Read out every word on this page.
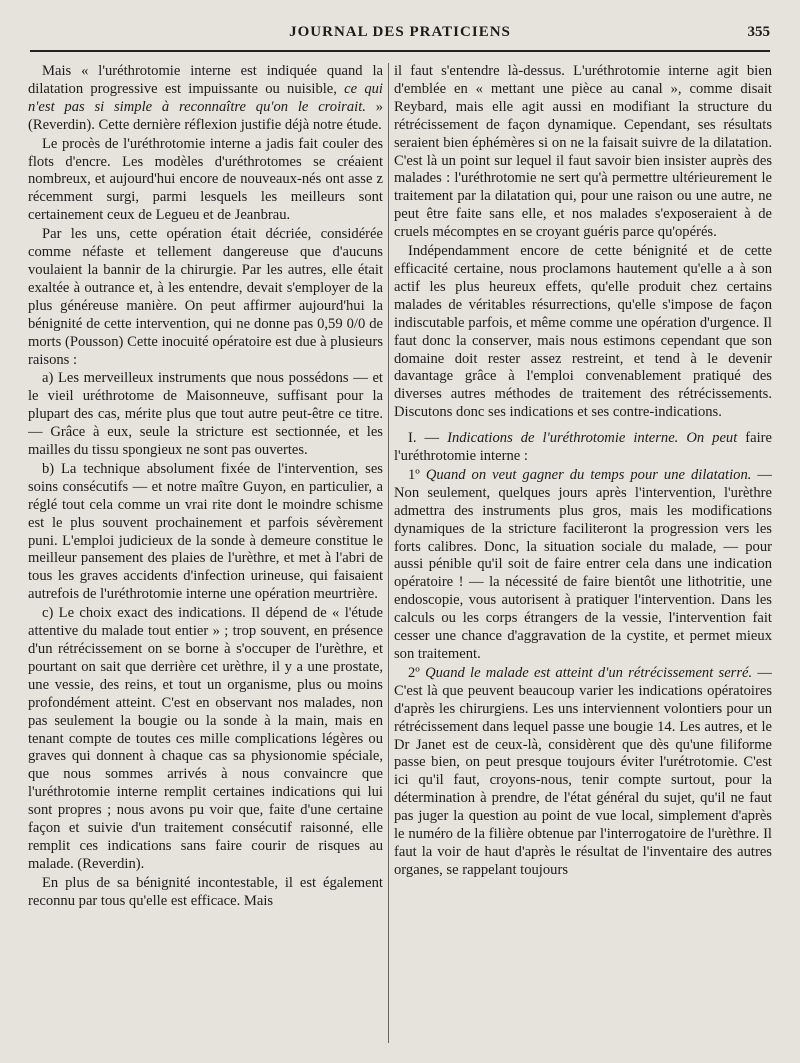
JOURNAL DES PRATICIENS	355

Mais « l'uréthrotomie interne est indiquée quand la dilatation progressive est impuissante ou nuisible, ce qui n'est pas si simple à reconnaître qu'on le croirait. » (Reverdin). Cette dernière réflexion justifie déjà notre étude.

Le procès de l'uréthrotomie interne a jadis fait couler des flots d'encre. Les modèles d'uréthrotomes se créaient nombreux, et aujourd'hui encore de nouveaux-nés ont asse z récemment surgi, parmi lesquels les meilleurs sont certainement ceux de Legueu et de Jeanbrau.

Par les uns, cette opération était décriée, considérée comme néfaste et tellement dangereuse que d'aucuns voulaient la bannir de la chirurgie. Par les autres, elle était exaltée à outrance et, à les entendre, devait s'employer de la plus généreuse manière. On peut affirmer aujourd'hui la bénignité de cette intervention, qui ne donne pas 0,59 0/0 de morts (Pousson) Cette inocuité opératoire est due à plusieurs raisons :

a) Les merveilleux instruments que nous possédons — et le vieil uréthrotome de Maisonneuve, suffisant pour la plupart des cas, mérite plus que tout autre peut-être ce titre. — Grâce à eux, seule la stricture est sectionnée, et les mailles du tissu spongieux ne sont pas ouvertes.

b) La technique absolument fixée de l'intervention, ses soins consécutifs — et notre maître Guyon, en particulier, a réglé tout cela comme un vrai rite dont le moindre schisme est le plus souvent prochainement et parfois sévèrement puni. L'emploi judicieux de la sonde à demeure constitue le meilleur pansement des plaies de l'urèthre, et met à l'abri de tous les graves accidents d'infection urineuse, qui faisaient autrefois de l'uréthrotomie interne une opération meurtrière.

c) Le choix exact des indications. Il dépend de « l'étude attentive du malade tout entier » ; trop souvent, en présence d'un rétrécissement on se borne à s'occuper de l'urèthre, et pourtant on sait que derrière cet urèthre, il y a une prostate, une vessie, des reins, et tout un organisme, plus ou moins profondément atteint. C'est en observant nos malades, non pas seulement la bougie ou la sonde à la main, mais en tenant compte de toutes ces mille complications légères ou graves qui donnent à chaque cas sa physionomie spéciale, que nous sommes arrivés à nous convaincre que l'uréthrotomie interne remplit certaines indications qui lui sont propres ; nous avons pu voir que, faite d'une certaine façon et suivie d'un traitement consécutif raisonné, elle remplit ces indications sans faire courir de risques au malade. (Reverdin).

En plus de sa bénignité incontestable, il est également reconnu par tous qu'elle est efficace. Mais

il faut s'entendre là-dessus. L'uréthrotomie interne agit bien d'emblée en « mettant une pièce au canal », comme disait Reybard, mais elle agit aussi en modifiant la structure du rétrécissement de façon dynamique. Cependant, ses résultats seraient bien éphémères si on ne la faisait suivre de la dilatation. C'est là un point sur lequel il faut savoir bien insister auprès des malades : l'uréthrotomie ne sert qu'à permettre ultérieurement le traitement par la dilatation qui, pour une raison ou une autre, ne peut être faite sans elle, et nos malades s'exposeraient à de cruels mécomptes en se croyant guéris parce qu'opérés.

Indépendamment encore de cette bénignité et de cette efficacité certaine, nous proclamons hautement qu'elle a à son actif les plus heureux effets, qu'elle produit chez certains malades de véritables résurrections, qu'elle s'impose de façon indiscutable parfois, et même comme une opération d'urgence. Il faut donc la conserver, mais nous estimons cependant que son domaine doit rester assez restreint, et tend à le devenir davantage grâce à l'emploi convenablement pratiqué des diverses autres méthodes de traitement des rétrécissements. Discutons donc ses indications et ses contre-indications.

I. — Indications de l'uréthrotomie interne. On peut faire l'uréthrotomie interne :

1º Quand on veut gagner du temps pour une dilatation. — Non seulement, quelques jours après l'intervention, l'urèthre admettra des instruments plus gros, mais les modifications dynamiques de la stricture faciliteront la progression vers les forts calibres. Donc, la situation sociale du malade, — pour aussi pénible qu'il soit de faire entrer cela dans une indication opératoire ! — la nécessité de faire bientôt une lithotritie, une endoscopie, vous autorisent à pratiquer l'intervention. Dans les calculs ou les corps étrangers de la vessie, l'intervention fait cesser une chance d'aggravation de la cystite, et permet mieux son traitement.

2º Quand le malade est atteint d'un rétrécissement serré. — C'est là que peuvent beaucoup varier les indications opératoires d'après les chirurgiens. Les uns interviennent volontiers pour un rétrécissement dans lequel passe une bougie 14. Les autres, et le Dr Janet est de ceux-là, considèrent que dès qu'une filiforme passe bien, on peut presque toujours éviter l'urétrotomie. C'est ici qu'il faut, croyons-nous, tenir compte surtout, pour la détermination à prendre, de l'état général du sujet, qu'il ne faut pas juger la question au point de vue local, simplement d'après le numéro de la filière obtenue par l'interrogatoire de l'urèthre. Il faut la voir de haut d'après le résultat de l'inventaire des autres organes, se rappelant toujours
